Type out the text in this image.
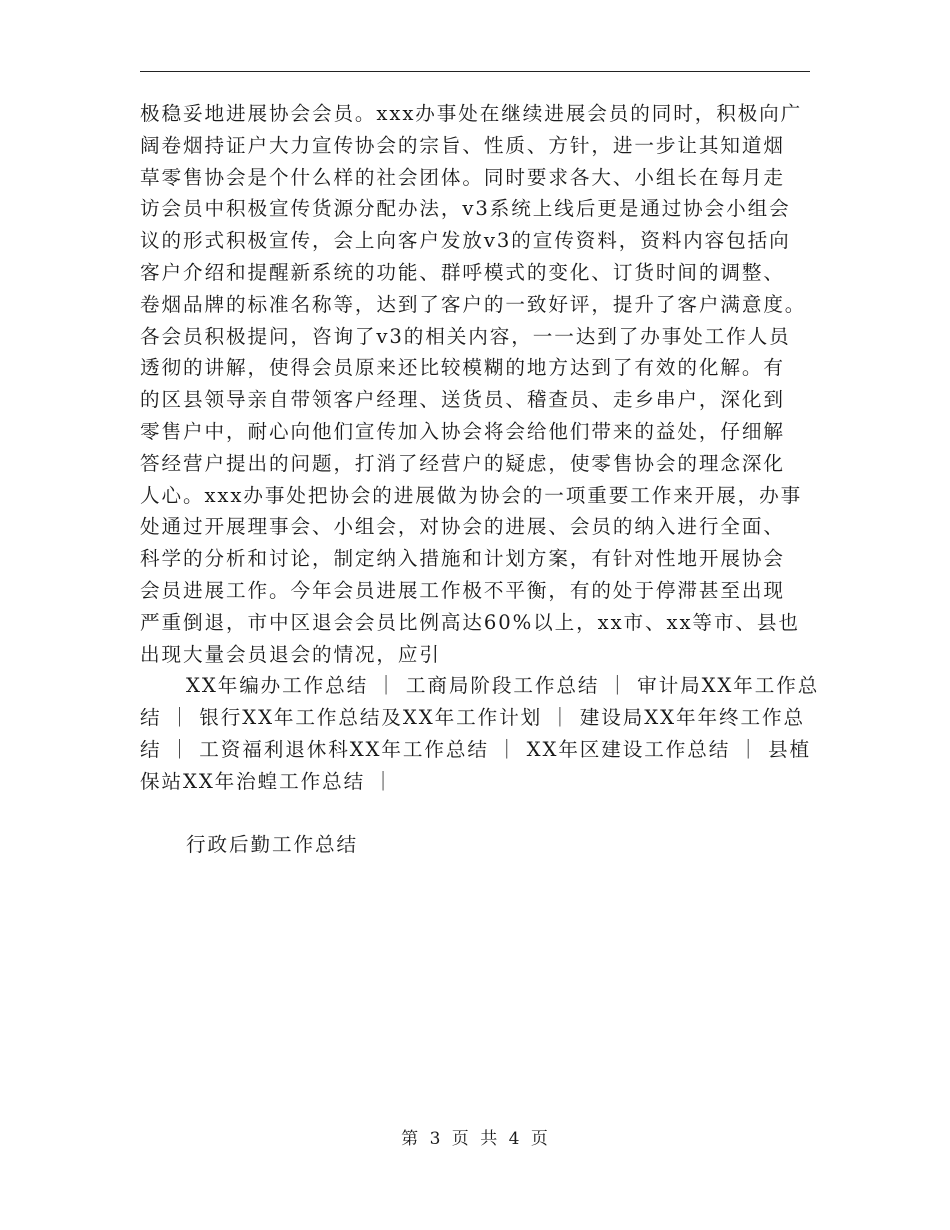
极稳妥地进展协会会员。xxx办事处在继续进展会员的同时，积极向广
阔卷烟持证户大力宣传协会的宗旨、性质、方针，进一步让其知道烟
草零售协会是个什么样的社会团体。同时要求各大、小组长在每月走
访会员中积极宣传货源分配办法，v3系统上线后更是通过协会小组会
议的形式积极宣传，会上向客户发放v3的宣传资料，资料内容包括向
客户介绍和提醒新系统的功能、群呼模式的变化、订货时间的调整、
卷烟品牌的标准名称等，达到了客户的一致好评，提升了客户满意度。
各会员积极提问，咨询了v3的相关内容，一一达到了办事处工作人员
透彻的讲解，使得会员原来还比较模糊的地方达到了有效的化解。有
的区县领导亲自带领客户经理、送货员、稽查员、走乡串户，深化到
零售户中，耐心向他们宣传加入协会将会给他们带来的益处，仔细解
答经营户提出的问题，打消了经营户的疑虑，使零售协会的理念深化
人心。xxx办事处把协会的进展做为协会的一项重要工作来开展，办事
处通过开展理事会、小组会，对协会的进展、会员的纳入进行全面、
科学的分析和讨论，制定纳入措施和计划方案，有针对性地开展协会
会员进展工作。今年会员进展工作极不平衡，有的处于停滞甚至出现
严重倒退，市中区退会会员比例高达60%以上，xx市、xx等市、县也
出现大量会员退会的情况，应引
XX年编办工作总结 ｜ 工商局阶段工作总结 ｜ 审计局XX年工作总
结 ｜ 银行XX年工作总结及XX年工作计划 ｜ 建设局XX年年终工作总
结 ｜ 工资福利退休科XX年工作总结 ｜ XX年区建设工作总结 ｜ 县植
保站XX年治蝗工作总结 ｜
行政后勤工作总结
第 3 页 共 4 页
